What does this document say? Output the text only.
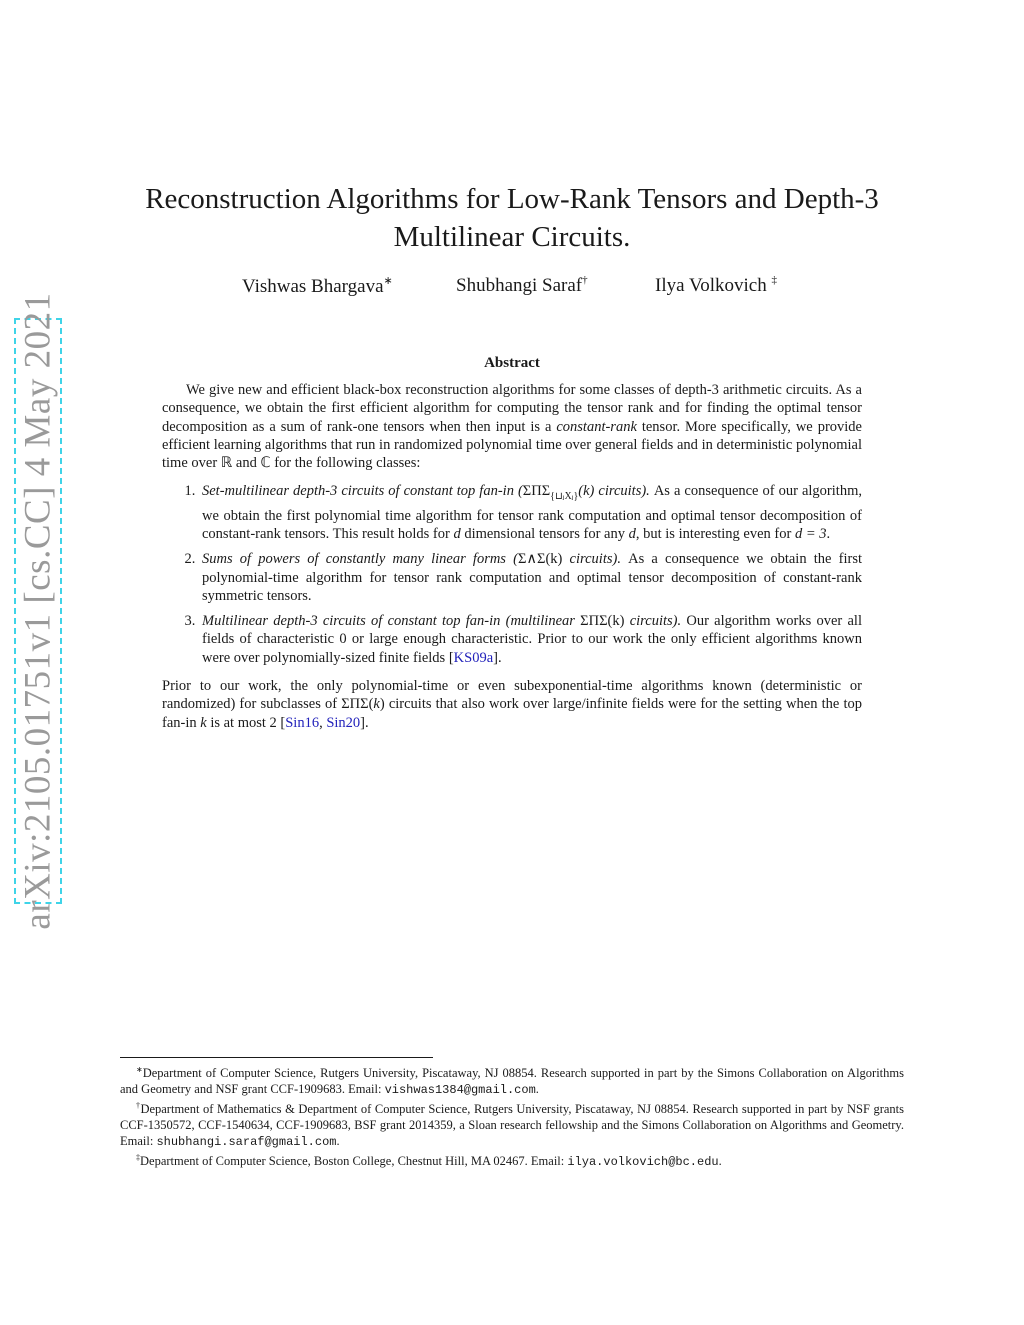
arXiv:2105.01751v1 [cs.CC] 4 May 2021
Reconstruction Algorithms for Low-Rank Tensors and Depth-3
Multilinear Circuits.
Vishwas Bhargava∗	Shubhangi Saraf†	Ilya Volkovich ‡
Abstract

We give new and efficient black-box reconstruction algorithms for some classes of depth-3 arithmetic circuits. As a consequence, we obtain the first efficient algorithm for computing the tensor rank and for finding the optimal tensor decomposition as a sum of rank-one tensors when then input is a constant-rank tensor. More specifically, we provide efficient learning algorithms that run in randomized polynomial time over general fields and in deterministic polynomial time over ℝ and ℂ for the following classes:

1. Set-multilinear depth-3 circuits of constant top fan-in ($\Sigma\Pi\Sigma_{\{⊔ⱼXⱼ\}}(k)$ circuits). As a consequence of our algorithm, we obtain the first polynomial time algorithm for tensor rank computation and optimal tensor decomposition of constant-rank tensors. This result holds for d dimensional tensors for any d, but is interesting even for d = 3.
2. Sums of powers of constantly many linear forms (Σ∧Σ(k) circuits). As a consequence we obtain the first polynomial-time algorithm for tensor rank computation and optimal tensor decomposition of constant-rank symmetric tensors.
3. Multilinear depth-3 circuits of constant top fan-in (multilinear ΣΠΣ(k) circuits). Our algorithm works over all fields of characteristic 0 or large enough characteristic. Prior to our work the only efficient algorithms known were over polynomially-sized finite fields [KS09a].

Prior to our work, the only polynomial-time or even subexponential-time algorithms known (deterministic or randomized) for subclasses of ΣΠΣ(k) circuits that also work over large/infinite fields were for the setting when the top fan-in k is at most 2 [Sin16, Sin20].

∗Department of Computer Science, Rutgers University, Piscataway, NJ 08854. Research supported in part by the Simons Collaboration on Algorithms and Geometry and NSF grant CCF-1909683. Email: vishwas1384@gmail.com.

†Department of Mathematics & Department of Computer Science, Rutgers University, Piscataway, NJ 08854. Research supported in part by NSF grants CCF-1350572, CCF-1540634, CCF-1909683, BSF grant 2014359, a Sloan research fellowship and the Simons Collaboration on Algorithms and Geometry. Email: shubhangi.saraf@gmail.com.

‡Department of Computer Science, Boston College, Chestnut Hill, MA 02467. Email: ilya.volkovich@bc.edu.
